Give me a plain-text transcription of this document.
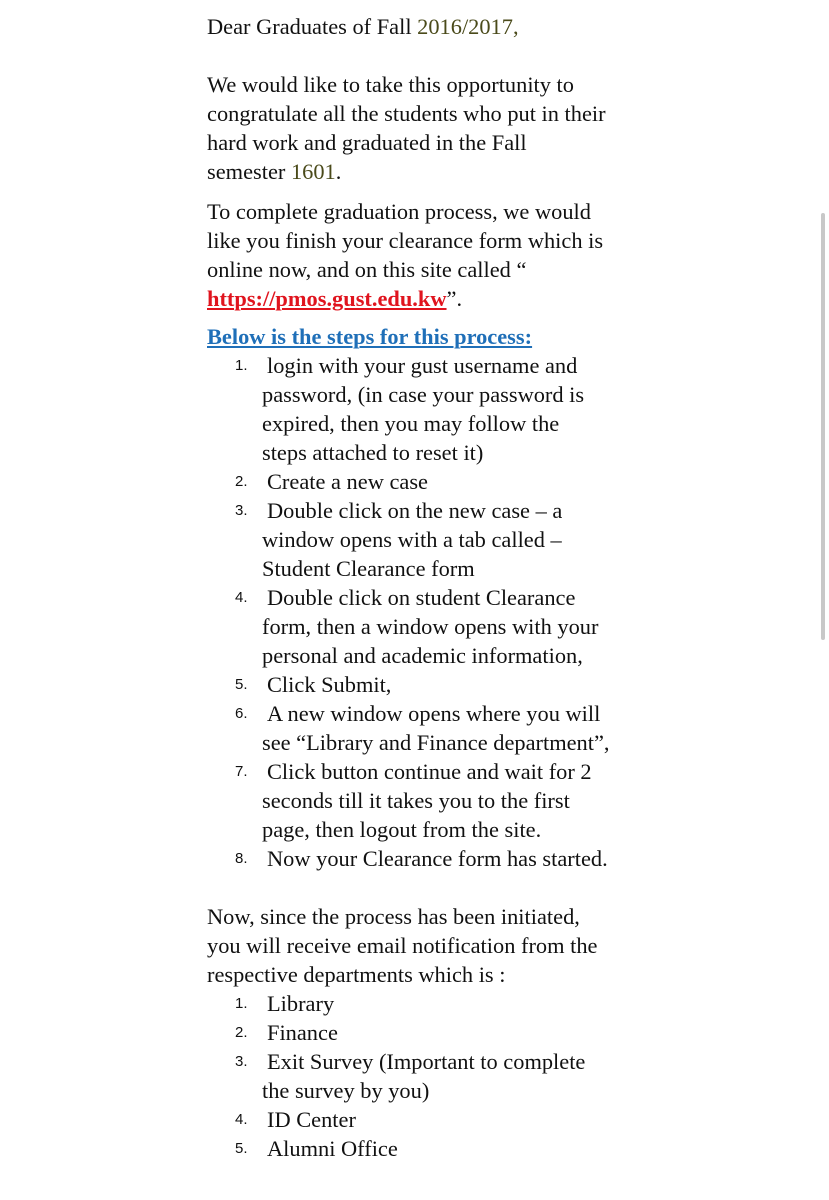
Dear Graduates of Fall 2016/2017,

We would like to take this opportunity to
congratulate all the students who put in their
hard work and graduated in the Fall
semester 1601.

To complete graduation process, we would
like you finish your clearance form which is
online now, and on this site called “
https://pmos.gust.edu.kw”.

Below is the steps for this process:
1. login with your gust username and
password, (in case your password is
expired, then you may follow the
steps attached to reset it)
2. Create a new case
3. Double click on the new case – a
window opens with a tab called –
Student Clearance form
4. Double click on student Clearance
form, then a window opens with your
personal and academic information,
5. Click Submit,
6. A new window opens where you will
see “Library and Finance department”,
7. Click button continue and wait for 2
seconds till it takes you to the first
page, then logout from the site.
8. Now your Clearance form has started.

Now, since the process has been initiated,
you will receive email notification from the
respective departments which is :

1. Library
2. Finance
3. Exit Survey (Important to complete
the survey by you)
4. ID Center
5. Alumni Office
